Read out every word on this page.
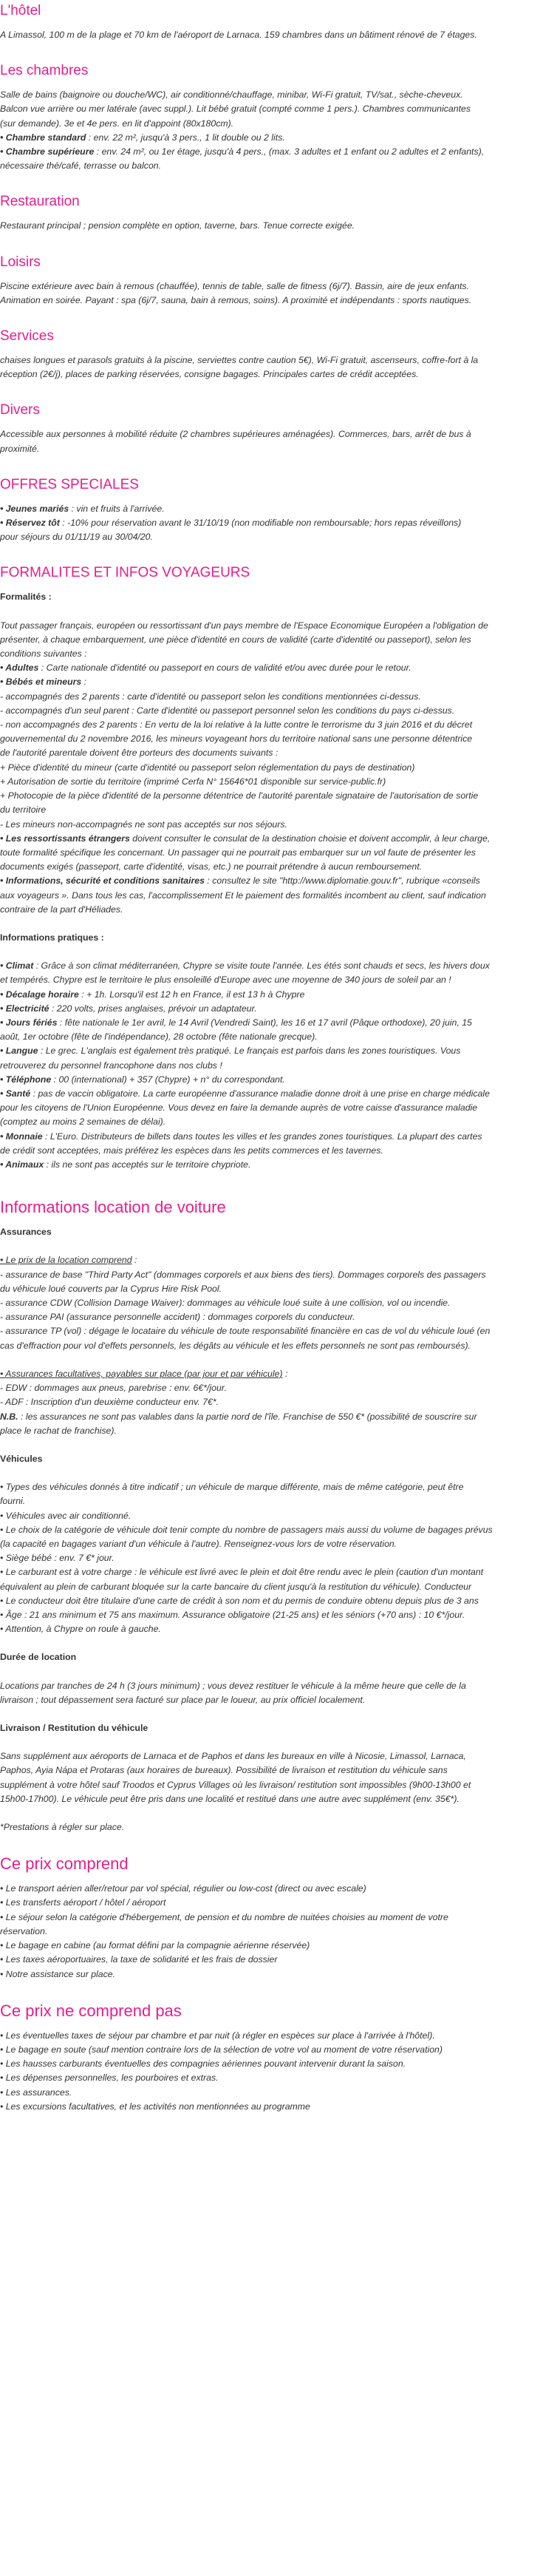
L'hôtel
A Limassol, 100 m de la plage et 70 km de l'aéroport de Larnaca. 159 chambres dans un bâtiment rénové de 7 étages.
Les chambres
Salle de bains (baignoire ou douche/WC), air conditionné/chauffage, minibar, Wi-Fi gratuit, TV/sat., sèche-cheveux.
Balcon vue arrière ou mer latérale (avec suppl.). Lit bébé gratuit (compté comme 1 pers.). Chambres communicantes
(sur demande). 3e et 4e pers. en lit d'appoint (80x180cm).
• Chambre standard : env. 22 m², jusqu'à 3 pers., 1 lit double ou 2 lits.
• Chambre supérieure : env. 24 m², ou 1er étage, jusqu'à 4 pers., (max. 3 adultes et 1 enfant ou 2 adultes et 2 enfants),
nécessaire thé/café, terrasse ou balcon.
Restauration
Restaurant principal ; pension complète en option, taverne, bars. Tenue correcte exigée.
Loisirs
Piscine extérieure avec bain à remous (chauffée), tennis de table, salle de fitness (6j/7). Bassin, aire de jeux enfants.
Animation en soirée. Payant : spa (6j/7, sauna, bain à remous, soins). A proximité et indépendants : sports nautiques.
Services
chaises longues et parasols gratuits à la piscine, serviettes contre caution 5€), Wi-Fi gratuit, ascenseurs, coffre-fort à la
réception (2€/j), places de parking réservées, consigne bagages. Principales cartes de crédit acceptées.
Divers
Accessible aux personnes à mobilité réduite (2 chambres supérieures aménagées). Commerces, bars, arrêt de bus à
proximité.
OFFRES SPECIALES
• Jeunes mariés : vin et fruits à l'arrivée.
• Réservez tôt : -10% pour réservation avant le 31/10/19 (non modifiable non remboursable; hors repas réveillons)
pour séjours du 01/11/19 au 30/04/20.
FORMALITES ET INFOS VOYAGEURS
Formalités :
Tout passager français, européen ou ressortissant d'un pays membre de l'Espace Economique Européen a l'obligation de
présenter, à chaque embarquement, une pièce d'identité en cours de validité (carte d'identité ou passeport), selon les
conditions suivantes :
• Adultes : Carte nationale d'identité ou passeport en cours de validité et/ou avec durée pour le retour.
• Bébés et mineurs :
- accompagnés des 2 parents : carte d'identité ou passeport selon les conditions mentionnées ci-dessus.
- accompagnés d'un seul parent : Carte d'identité ou passeport personnel selon les conditions du pays ci-dessus.
- non accompagnés des 2 parents : En vertu de la loi relative à la lutte contre le terrorisme du 3 juin 2016 et du décret
gouvernemental du 2 novembre 2016, les mineurs voyageant hors du territoire national sans une personne détentrice
de l'autorité parentale doivent être porteurs des documents suivants :
+ Pièce d'identité du mineur (carte d'identité ou passeport selon réglementation du pays de destination)
+ Autorisation de sortie du territoire (imprimé Cerfa N° 15646*01 disponible sur service-public.fr)
+ Photocopie de la pièce d'identité de la personne détentrice de l'autorité parentale signataire de l'autorisation de sortie
du territoire
- Les mineurs non-accompagnés ne sont pas acceptés sur nos séjours.
• Les ressortissants étrangers doivent consulter le consulat de la destination choisie et doivent accomplir, à leur charge,
toute formalité spécifique les concernant. Un passager qui ne pourrait pas embarquer sur un vol faute de présenter les
documents exigés (passeport, carte d'identité, visas, etc.) ne pourrait prétendre à aucun remboursement.
• Informations, sécurité et conditions sanitaires : consultez le site "http://www.diplomatie.gouv.fr", rubrique «conseils
aux voyageurs ». Dans tous les cas, l'accomplissement Et le paiement des formalités incombent au client, sauf indication
contraire de la part d'Héliades.
Informations pratiques :
• Climat : Grâce à son climat méditerranéen, Chypre se visite toute l'année. Les étés sont chauds et secs, les hivers doux
et tempérés. Chypre est le territoire le plus ensoleillé d'Europe avec une moyenne de 340 jours de soleil par an !
• Décalage horaire : + 1h. Lorsqu'il est 12 h en France, il est 13 h à Chypre
• Electricité : 220 volts, prises anglaises, prévoir un adaptateur.
• Jours fériés : fête nationale le 1er avril, le 14 Avril (Vendredi Saint), les 16 et 17 avril (Pâque orthodoxe), 20 juin, 15
août, 1er octobre (fête de l'indépendance), 28 octobre (fête nationale grecque).
• Langue : Le grec. L'anglais est également très pratiqué. Le français est parfois dans les zones touristiques. Vous
retrouverez du personnel francophone dans nos clubs !
• Téléphone : 00 (international) + 357 (Chypre) + n° du correspondant.
• Santé : pas de vaccin obligatoire. La carte européenne d'assurance maladie donne droit à une prise en charge médicale
pour les citoyens de l'Union Européenne. Vous devez en faire la demande auprès de votre caisse d'assurance maladie
(comptez au moins 2 semaines de délai).
• Monnaie : L'Euro. Distributeurs de billets dans toutes les villes et les grandes zones touristiques. La plupart des cartes
de crédit sont acceptées, mais préférez les espèces dans les petits commerces et les tavernes.
• Animaux : ils ne sont pas acceptés sur le territoire chypriote.
Informations location de voiture
Assurances
• Le prix de la location comprend :
- assurance de base "Third Party Act" (dommages corporels et aux biens des tiers). Dommages corporels des passagers
du véhicule loué couverts par la Cyprus Hire Risk Pool.
- assurance CDW (Collision Damage Waiver): dommages au véhicule loué suite à une collision, vol ou incendie.
- assurance PAI (assurance personnelle accident) : dommages corporels du conducteur.
- assurance TP (vol) : dégage le locataire du véhicule de toute responsabilité financière en cas de vol du véhicule loué (en
cas d'effraction pour vol d'effets personnels, les dégâts au véhicule et les effets personnels ne sont pas remboursés).

• Assurances facultatives, payables sur place (par jour et par véhicule) :
- EDW : dommages aux pneus, parebrise : env. 6€*/jour.
- ADF : Inscription d'un deuxième conducteur env. 7€*.
N.B. : les assurances ne sont pas valables dans la partie nord de l'île. Franchise de 550 €* (possibilité de souscrire sur
place le rachat de franchise).
Véhicules
• Types des véhicules donnés à titre indicatif ; un véhicule de marque différente, mais de même catégorie, peut être
fourni.
• Véhicules avec air conditionné.
• Le choix de la catégorie de véhicule doit tenir compte du nombre de passagers mais aussi du volume de bagages prévus
(la capacité en bagages variant d'un véhicule à l'autre). Renseignez-vous lors de votre réservation.
• Siège bébé : env. 7 €* jour.
• Le carburant est à votre charge : le véhicule est livré avec le plein et doit être rendu avec le plein (caution d'un montant
équivalent au plein de carburant bloquée sur la carte bancaire du client jusqu'à la restitution du véhicule). Conducteur
• Le conducteur doit être titulaire d'une carte de crédit à son nom et du permis de conduire obtenu depuis plus de 3 ans
• Âge : 21 ans minimum et 75 ans maximum. Assurance obligatoire (21-25 ans) et les séniors (+70 ans) : 10 €*/jour.
• Attention, à Chypre on roule à gauche.
Durée de location
Locations par tranches de 24 h (3 jours minimum) ; vous devez restituer le véhicule à la même heure que celle de la
livraison ; tout dépassement sera facturé sur place par le loueur, au prix officiel localement.
Livraison / Restitution du véhicule
Sans supplément aux aéroports de Larnaca et de Paphos et dans les bureaux en ville à Nicosie, Limassol, Larnaca,
Paphos, Ayia Nápa et Protaras (aux horaires de bureaux). Possibilité de livraison et restitution du véhicule sans
supplément à votre hôtel sauf Troodos et Cyprus Villages où les livraison/ restitution sont impossibles (9h00-13h00 et
15h00-17h00). Le véhicule peut être pris dans une localité et restitué dans une autre avec supplément (env. 35€*).
*Prestations à régler sur place.
Ce prix comprend
• Le transport aérien aller/retour par vol spécial, régulier ou low-cost (direct ou avec escale)
• Les transferts aéroport / hôtel / aéroport
• Le séjour selon la catégorie d'hébergement, de pension et du nombre de nuitées choisies au moment de votre
réservation.
• Le bagage en cabine (au format défini par la compagnie aérienne réservée)
• Les taxes aéroportuaires, la taxe de solidarité et les frais de dossier
• Notre assistance sur place.
Ce prix ne comprend pas
• Les éventuelles taxes de séjour par chambre et par nuit (à régler en espèces sur place à l'arrivée à l'hôtel).
• Le bagage en soute (sauf mention contraire lors de la sélection de votre vol au moment de votre réservation)
• Les hausses carburants éventuelles des compagnies aériennes pouvant intervenir durant la saison.
• Les dépenses personnelles, les pourboires et extras.
• Les assurances.
• Les excursions facultatives, et les activités non mentionnées au programme
